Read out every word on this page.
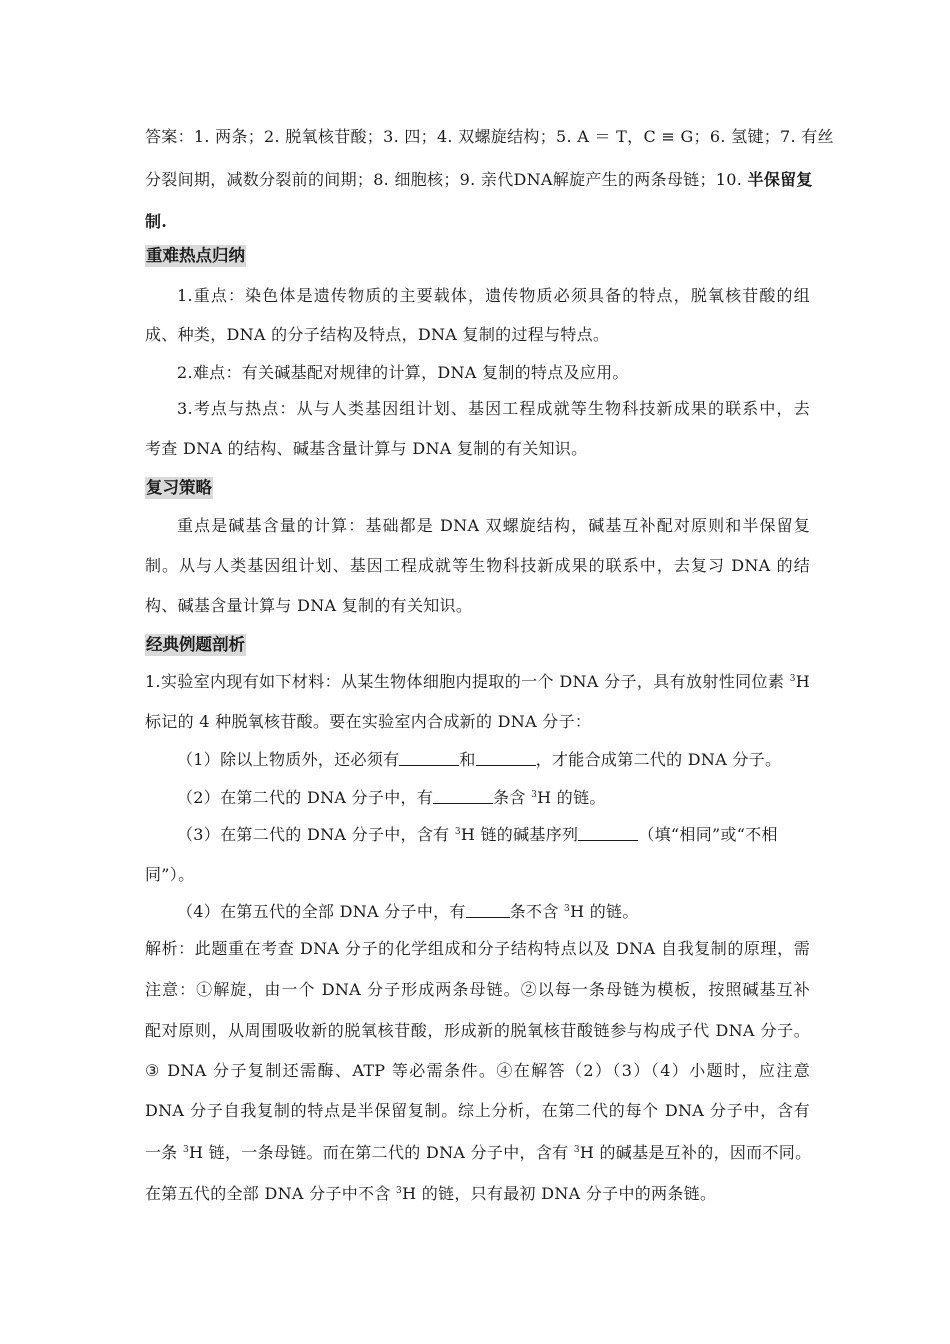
答案：1. 两条；2. 脱氧核苷酸；3. 四；4. 双螺旋结构；5. A ＝ T，C ≡ G；6. 氢键；7. 有丝
分裂间期，减数分裂前的间期；8. 细胞核；9. 亲代DNA解旋产生的两条母链；10. 半保留复
制.
重难热点归纳
1.重点：染色体是遗传物质的主要载体，遗传物质必须具备的特点，脱氧核苷酸的组
成、种类，DNA 的分子结构及特点，DNA 复制的过程与特点。
2.难点：有关碱基配对规律的计算，DNA 复制的特点及应用。
3.考点与热点：从与人类基因组计划、基因工程成就等生物科技新成果的联系中，去
考查 DNA 的结构、碱基含量计算与 DNA 复制的有关知识。
复习策略
重点是碱基含量的计算：基础都是 DNA 双螺旋结构，碱基互补配对原则和半保留复
制。从与人类基因组计划、基因工程成就等生物科技新成果的联系中，去复习 DNA 的结
构、碱基含量计算与 DNA 复制的有关知识。
经典例题剖析
1.实验室内现有如下材料：从某生物体细胞内提取的一个 DNA 分子，具有放射性同位素 $^3$H
标记的 4 种脱氧核苷酸。要在实验室内合成新的 DNA 分子：
（1）除以上物质外，还必须有	和	，才能合成第二代的 DNA 分子。
（2）在第二代的 DNA 分子中，有	条含 $^3$H 的链。
（3）在第二代的 DNA 分子中，含有 $^3$H 链的碱基序列	（填“相同”或“不相
同”）。
（4）在第五代的全部 DNA 分子中，有	条不含 $^3$H 的链。
解析：此题重在考查 DNA 分子的化学组成和分子结构特点以及 DNA 自我复制的原理，需
注意：①解旋，由一个 DNA 分子形成两条母链。②以每一条母链为模板，按照碱基互补
配对原则，从周围吸收新的脱氧核苷酸，形成新的脱氧核苷酸链参与构成子代 DNA 分子。
③ DNA 分子复制还需酶、ATP 等必需条件。④在解答（2）（3）（4）小题时，应注意
DNA 分子自我复制的特点是半保留复制。综上分析，在第二代的每个 DNA 分子中，含有
一条 $^3$H 链，一条母链。而在第二代的 DNA 分子中，含有 $^3$H 的碱基是互补的，因而不同。
在第五代的全部 DNA 分子中不含 $^3$H 的链，只有最初 DNA 分子中的两条链。
